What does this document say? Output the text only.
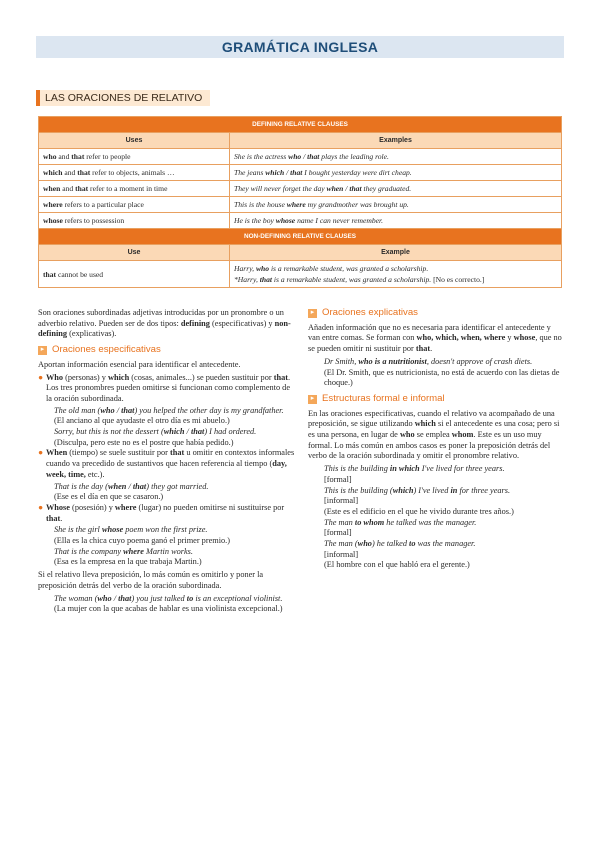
GRAMÁTICA INGLESA
LAS ORACIONES DE RELATIVO
DEFINING RELATIVE CLAUSES	
Uses	Examples
who and that refer to people	She is the actress who / that plays the leading role.
which and that refer to objects, animals …	The jeans which / that I bought yesterday were dirt cheap.
when and that refer to a moment in time	They will never forget the day when / that they graduated.
where refers to a particular place	This is the house where my grandmother was brought up.
whose refers to possession	He is the boy whose name I can never remember.
NON-DEFINING RELATIVE CLAUSES	
Use	Example
that cannot be used	Harry, who is a remarkable student, was granted a scholarship.
*Harry, that is a remarkable student, was granted a scholarship. [No es correcto.]

Son oraciones subordinadas adjetivas introducidas por un pronombre o un adverbio relativo. Pueden ser de dos tipos: defining (especificativas) y non-defining (explicativas).

▸ Oraciones especificativas

Aportan información esencial para identificar el antecedente.

● Who (personas) y which (cosas, animales...) se pueden sustituir por that. Los tres pronombres pueden omitirse si funcionan como complemento de la oración subordinada.
The old man (who / that) you helped the other day is my grandfather.
(El anciano al que ayudaste el otro día es mi abuelo.)
Sorry, but this is not the dessert (which / that) I had ordered.
(Disculpa, pero este no es el postre que había pedido.)
● When (tiempo) se suele sustituir por that u omitir en contextos informales cuando va precedido de sustantivos que hacen referencia al tiempo (day, week, time, etc.).
That is the day (when / that) they got married.
(Ese es el día en que se casaron.)
● Whose (posesión) y where (lugar) no pueden omitirse ni sustituirse por that.
She is the girl whose poem won the first prize.
(Ella es la chica cuyo poema ganó el primer premio.)
That is the company where Martin works.
(Esa es la empresa en la que trabaja Martin.)

Si el relativo lleva preposición, lo más común es omitirlo y poner la preposición detrás del verbo de la oración subordinada.

The woman (who / that) you just talked to is an exceptional violinist.
(La mujer con la que acabas de hablar es una violinista excepcional.)
▸ Oraciones explicativas

Añaden información que no es necesaria para identificar el antecedente y van entre comas. Se forman con who, which, when, where y whose, que no se pueden omitir ni sustituir por that.

Dr Smith, who is a nutritionist, doesn't approve of crash diets.
(El Dr. Smith, que es nutricionista, no está de acuerdo con las dietas de choque.)
▸ Estructuras formal e informal

En las oraciones especificativas, cuando el relativo va acompañado de una preposición, se sigue utilizando which si el antecedente es una cosa; pero si es una persona, en lugar de who se emplea whom. Este es un uso muy formal. Lo más común en ambos casos es poner la preposición detrás del verbo de la oración subordinada y omitir el pronombre relativo.

This is the building in which I've lived for three years.
[formal]
This is the building (which) I've lived in for three years.
[informal]
(Este es el edificio en el que he vivido durante tres años.)
The man to whom he talked was the manager.
[formal]
The man (who) he talked to was the manager.
[informal]
(El hombre con el que habló era el gerente.)
